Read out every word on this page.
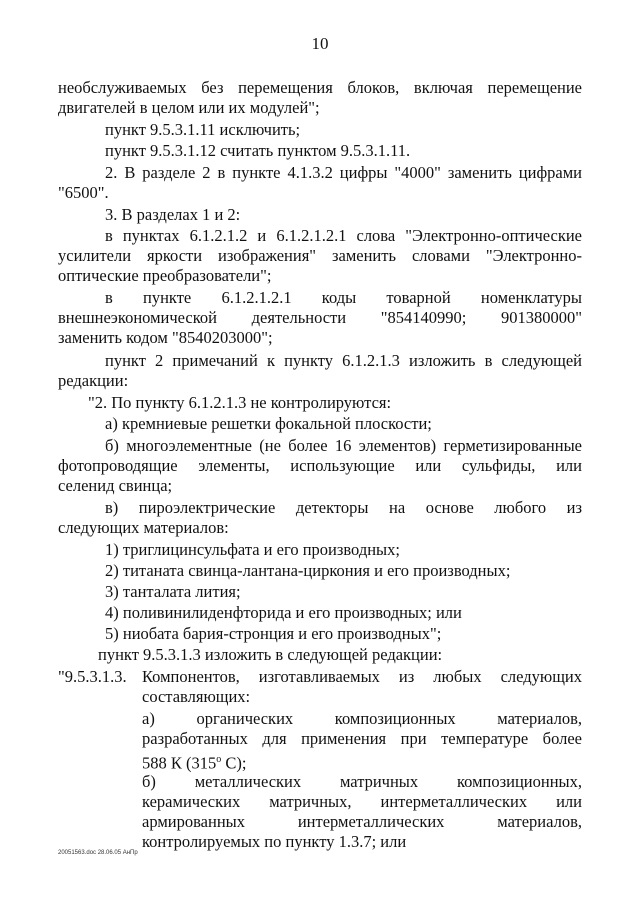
10
необслуживаемых без перемещения блоков, включая перемещение
двигателей в целом или их модулей";
пункт 9.5.3.1.11 исключить;
пункт 9.5.3.1.12 считать пунктом 9.5.3.1.11.
2. В разделе 2 в пункте 4.1.3.2 цифры "4000" заменить цифрами
"6500".
3. В разделах 1 и 2:
в пунктах 6.1.2.1.2 и 6.1.2.1.2.1 слова "Электронно-оптические
усилители яркости изображения" заменить словами "Электронно-
оптические преобразователи";
в пункте 6.1.2.1.2.1 коды товарной номенклатуры
внешнеэкономической деятельности "854140990; 901380000"
заменить кодом "8540203000";
пункт 2 примечаний к пункту 6.1.2.1.3 изложить в следующей
редакции:
"2. По пункту 6.1.2.1.3 не контролируются:
а) кремниевые решетки фокальной плоскости;
б) многоэлементные (не более 16 элементов) герметизированные
фотопроводящие элементы, использующие или сульфиды, или
селенид свинца;
в) пироэлектрические детекторы на основе любого из
следующих материалов:
1) триглицинсульфата и его производных;
2) титаната свинца-лантана-циркония и его производных;
3) танталата лития;
4) поливинилиденфторида и его производных; или
5) ниобата бария-стронция и его производных";
пункт 9.5.3.1.3 изложить в следующей редакции:
"9.5.3.1.3. Компонентов, изготавливаемых из любых следующих
составляющих:
а) органических композиционных материалов,
разработанных для применения при температуре более
588 К ($315^о$ С);
б) металлических матричных композиционных,
керамических матричных, интерметаллических или
армированных интерметаллических материалов,
контролируемых по пункту 1.3.7; или
20051563.doc 28.06.05 АнПр
